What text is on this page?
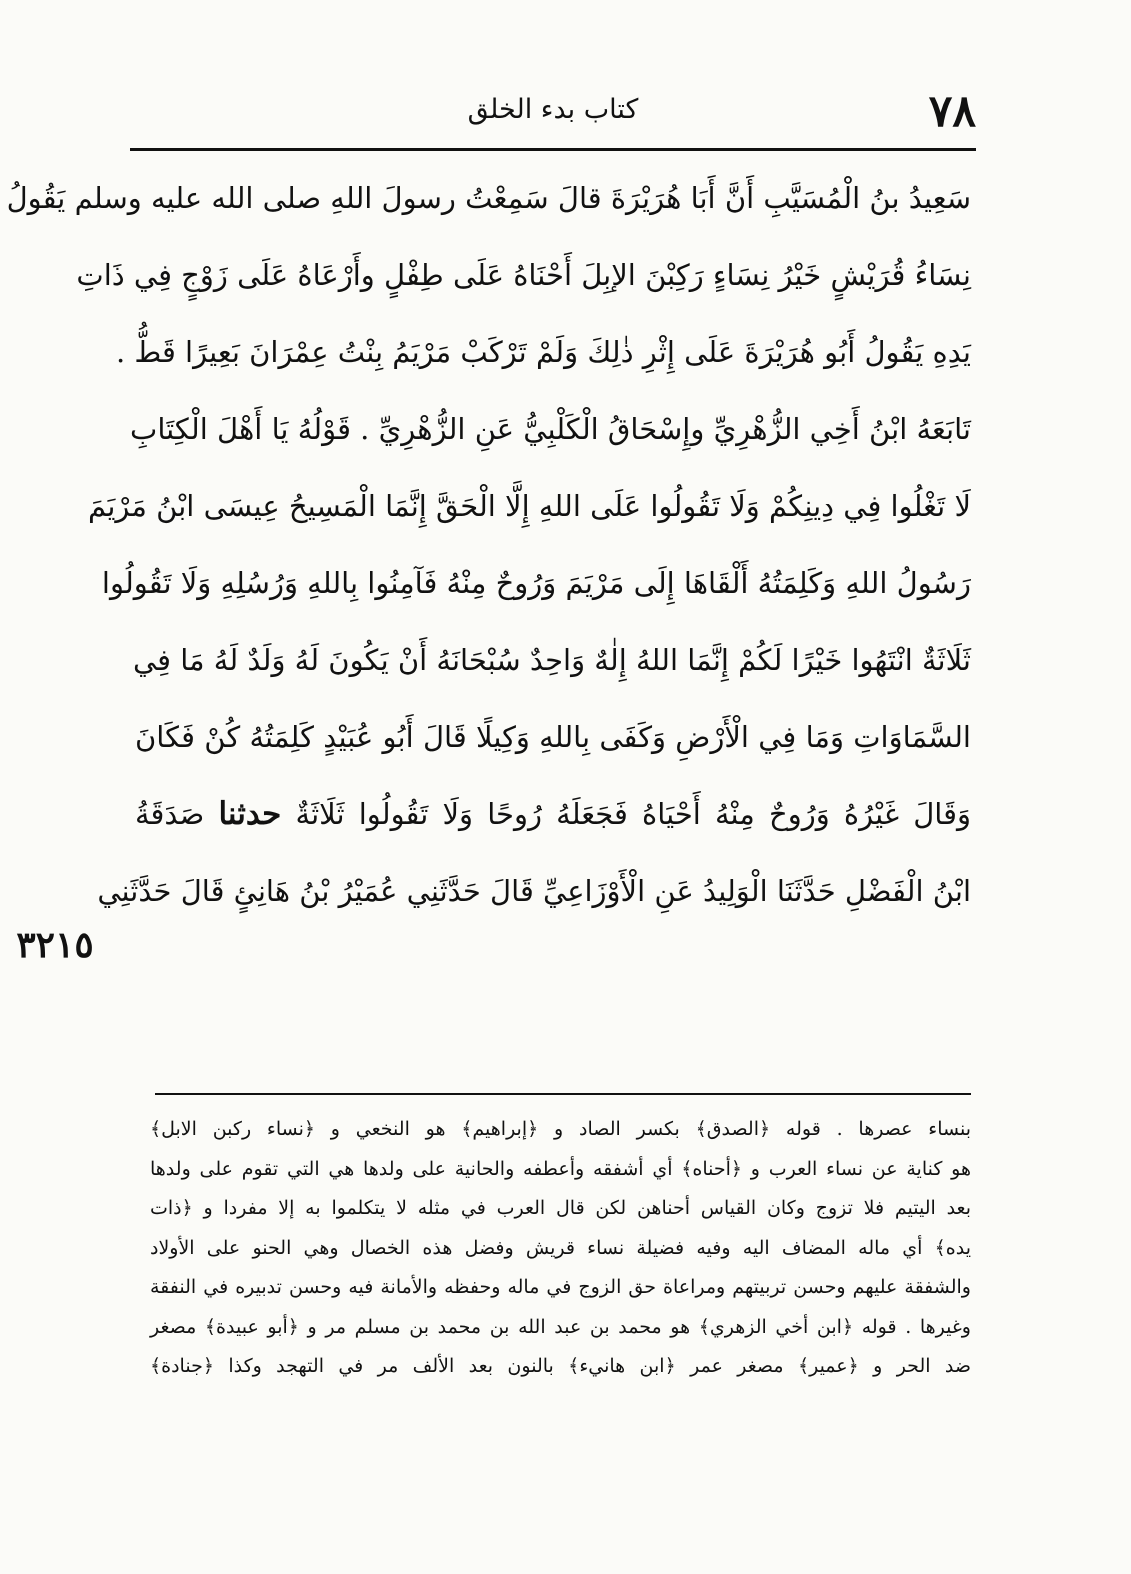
٧٨
كتاب بدء الخلق
سَعِيدُ بنُ الْمُسَيَّبِ أَنَّ أَبَا هُرَيْرَةَ قالَ سَمِعْتُ رسولَ اللهِ صلى الله عليه وسلم يَقُولُ
نِسَاءُ قُرَيْشٍ خَيْرُ نِسَاءٍ رَكِبْنَ الإبِلَ أَحْنَاهُ عَلَى طِفْلٍ وأَرْعَاهُ عَلَى زَوْجٍ فِي ذَاتِ
يَدِهِ يَقُولُ أَبُو هُرَيْرَةَ عَلَى إِثْرِ ذٰلِكَ وَلَمْ تَرْكَبْ مَرْيَمُ بِنْتُ عِمْرَانَ بَعِيرًا قَطُّ .
تَابَعَهُ ابْنُ أَخِي الزُّهْرِيِّ وإِسْحَاقُ الْكَلْبِيُّ عَنِ الزُّهْرِيِّ . قَوْلُهُ يَا أَهْلَ الْكِتَابِ
لَا تَغْلُوا فِي دِينِكُمْ وَلَا تَقُولُوا عَلَى اللهِ إِلَّا الْحَقَّ إِنَّمَا الْمَسِيحُ عِيسَى ابْنُ مَرْيَمَ
رَسُولُ اللهِ وَكَلِمَتُهُ أَلْقَاهَا إِلَى مَرْيَمَ وَرُوحٌ مِنْهُ فَآمِنُوا بِاللهِ وَرُسُلِهِ وَلَا تَقُولُوا
ثَلَاثَةٌ انْتَهُوا خَيْرًا لَكُمْ إِنَّمَا اللهُ إِلٰهٌ وَاحِدٌ سُبْحَانَهُ أَنْ يَكُونَ لَهُ وَلَدٌ لَهُ مَا فِي
السَّمَاوَاتِ وَمَا فِي الْأَرْضِ وَكَفَى بِاللهِ وَكِيلًا قَالَ أَبُو عُبَيْدٍ كَلِمَتُهُ كُنْ فَكَانَ
وَقَالَ غَيْرُهُ وَرُوحٌ مِنْهُ أَحْيَاهُ فَجَعَلَهُ رُوحًا وَلَا تَقُولُوا ثَلَاثَةٌ حدثنا صَدَقَةُ
ابْنُ الْفَضْلِ حَدَّثَنَا الْوَلِيدُ عَنِ الْأَوْزَاعِيِّ قَالَ حَدَّثَنِي عُمَيْرُ بْنُ هَانِئٍ قَالَ حَدَّثَنِي
٣٢١٥
بنساء عصرها . قوله ﴿الصدق﴾ بكسر الصاد و ﴿إبراهيم﴾ هو النخعي و ﴿نساء ركبن الابل﴾
هو كناية عن نساء العرب و ﴿أحناه﴾ أي أشفقه وأعطفه والحانية على ولدها هي التي تقوم على ولدها
بعد اليتيم فلا تزوج وكان القياس أحناهن لكن قال العرب في مثله لا يتكلموا به إلا مفردا و ﴿ذات
يده﴾ أي ماله المضاف اليه وفيه فضيلة نساء قريش وفضل هذه الخصال وهي الحنو على الأولاد
والشفقة عليهم وحسن تربيتهم ومراعاة حق الزوج في ماله وحفظه والأمانة فيه وحسن تدبيره في النفقة
وغيرها . قوله ﴿ابن أخي الزهري﴾ هو محمد بن عبد الله بن محمد بن مسلم مر و ﴿أبو عبيدة﴾ مصغر
ضد الحر و ﴿عمير﴾ مصغر عمر ﴿ابن هانيء﴾ بالنون بعد الألف مر في التهجد وكذا ﴿جنادة﴾
